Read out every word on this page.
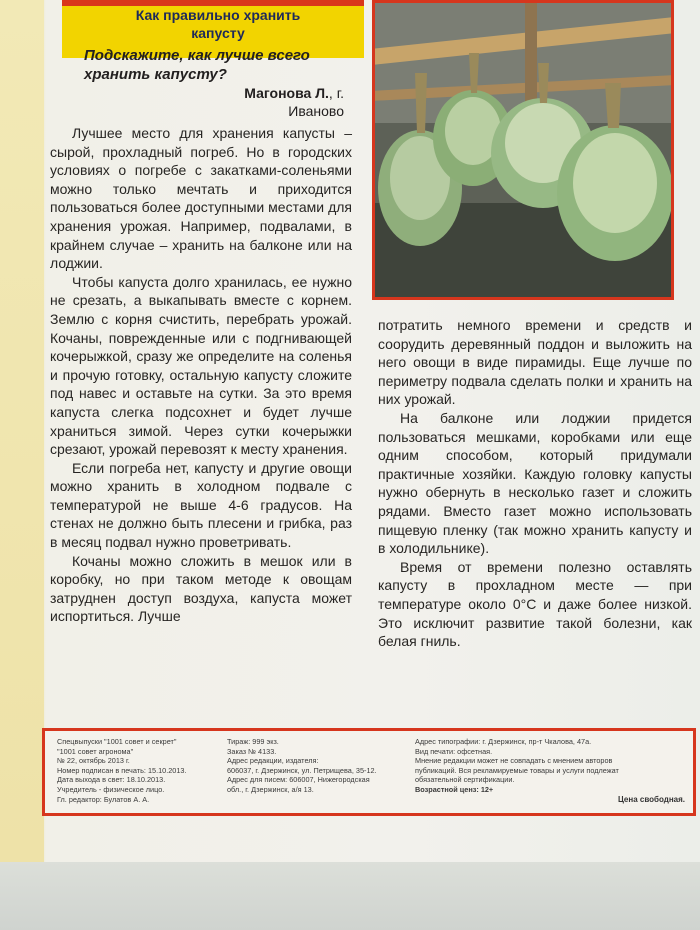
Как правильно хранить капусту
Подскажите, как лучше всего хранить капусту?
Магонова Л., г. Иваново

Лучшее место для хранения капусты – сырой, прохладный погреб. Но в городских условиях о погребе с закатками-соленьями можно только мечтать и приходится пользоваться более доступными местами для хранения урожая. Например, подвалами, в крайнем случае – хранить на балконе или на лоджии.

Чтобы капуста долго хранилась, ее нужно не срезать, а выкапывать вместе с корнем. Землю с корня счистить, перебрать урожай. Кочаны, поврежденные или с подгнивающей кочерыжкой, сразу же определите на соленья и прочую готовку, остальную капусту сложите под навес и оставьте на сутки. За это время капуста слегка подсохнет и будет лучше храниться зимой. Через сутки кочерыжки срезают, урожай перевозят к месту хранения.

Если погреба нет, капусту и другие овощи можно хранить в холодном подвале с температурой не выше 4-6 градусов. На стенах не должно быть плесени и грибка, раз в месяц подвал нужно проветривать.

Кочаны можно сложить в мешок или в коробку, но при таком методе к овощам затруднен доступ воздуха, капуста может испортиться. Лучше

потратить немного времени и средств и соорудить деревянный поддон и выложить на него овощи в виде пирамиды. Еще лучше по периметру подвала сделать полки и хранить на них урожай.

На балконе или лоджии придется пользоваться мешками, коробками или еще одним способом, который придумали практичные хозяйки. Каждую головку капусты нужно обернуть в несколько газет и сложить рядами. Вместо газет можно использовать пищевую пленку (так можно хранить капусту и в холодильнике).

Время от времени полезно оставлять капусту в прохладном месте — при температуре около 0°С и даже более низкой. Это исключит развитие такой болезни, как белая гниль.

Спецвыпуски "1001 совет и секрет"
"1001 совет агронома"
№ 22, октябрь 2013 г.
Номер подписан в печать: 15.10.2013.
Дата выхода в свет: 18.10.2013.
Учредитель - физическое лицо.
Гл. редактор: Булатов А. А.
Тираж: 999 экз.
Заказ № 4133.
Адрес редакции, издателя:
606037, г. Дзержинск, ул. Петрищева, 35-12.
Адрес для писем: 606007, Нижегородская
обл., г. Дзержинск, а/я 13.
Адрес типографии: г. Дзержинск, пр-т Чкалова, 47а.
Вид печати: офсетная.
Мнение редакции может не совпадать с мнением авторов
публикаций. Вся рекламируемые товары и услуги подлежат
обязательной сертификации.
Возрастной ценз: 12+
Цена свободная.
